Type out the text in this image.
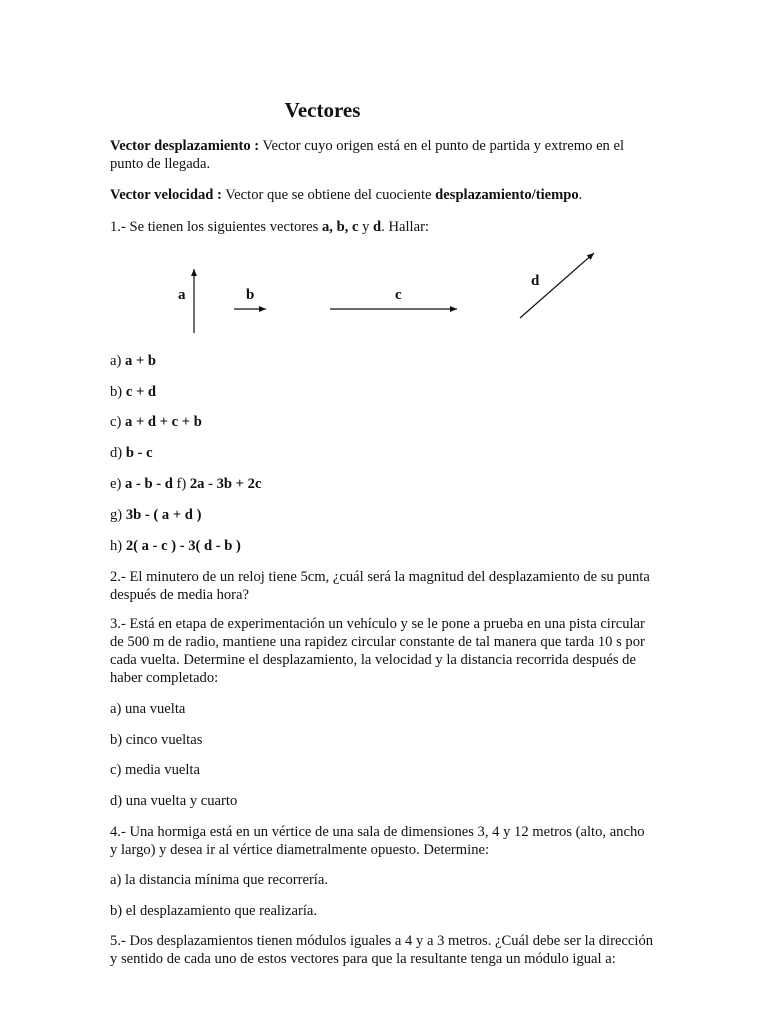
Vectores

Vector desplazamiento : Vector cuyo origen está en el punto de partida y extremo en el punto de llegada.

Vector velocidad : Vector que se obtiene del cuociente desplazamiento/tiempo.

1.- Se tienen los siguientes vectores a, b, c y d. Hallar:

a) a + b

b) c + d

c) a + d + c + b

d) b - c

e) a - b - d f) 2a - 3b + 2c

g) 3b - ( a + d )

h) 2( a - c ) - 3( d - b )

2.- El minutero de un reloj tiene 5cm, ¿cuál será la magnitud del desplazamiento de su punta después de media hora?

3.- Está en etapa de experimentación un vehículo y se le pone a prueba en una pista circular de 500 m de radio, mantiene una rapidez circular constante de tal manera que tarda 10 s por cada vuelta. Determine el desplazamiento, la velocidad y la distancia recorrida después de haber completado:

a) una vuelta

b) cinco vueltas

c) media vuelta

d) una vuelta y cuarto

4.- Una hormiga está en un vértice de una sala de dimensiones 3, 4 y 12 metros (alto, ancho y largo) y desea ir al vértice diametralmente opuesto. Determine:

a) la distancia mínima que recorrería.

b) el desplazamiento que realizaría.

5.- Dos desplazamientos tienen módulos iguales a 4 y a 3 metros. ¿Cuál debe ser la dirección y sentido de cada uno de estos vectores para que la resultante tenga un módulo igual a:

a	b	c
d
